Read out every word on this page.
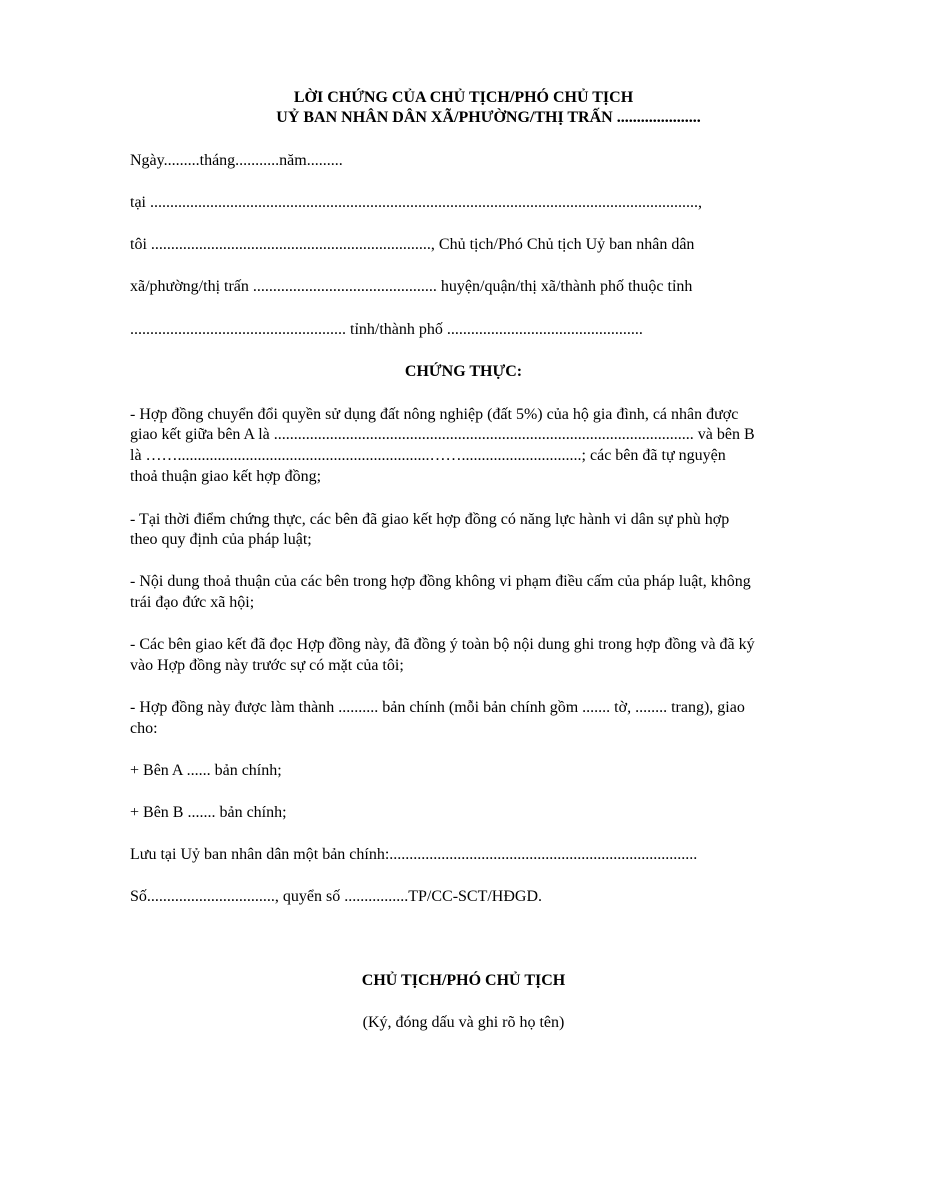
LỜI CHỨNG CỦA CHỦ TỊCH/PHÓ CHỦ TỊCH
UỶ BAN NHÂN DÂN XÃ/PHƯỜNG/THỊ TRẤN .....................
Ngày.........tháng...........năm.........
tại .........................................................................................................................................,
tôi ......................................................................, Chủ tịch/Phó Chủ tịch Uỷ ban nhân dân
xã/phường/thị trấn .............................................. huyện/quận/thị xã/thành phố thuộc tỉnh
...................................................... tỉnh/thành phố .................................................
CHỨNG THỰC:
- Hợp đồng chuyển đổi quyền sử dụng đất nông nghiệp (đất 5%) của hộ gia đình, cá nhân được
giao kết giữa bên A là ......................................................................................................... và bên B
là ……...............................................................……..............................; các bên đã tự nguyện
thoả thuận giao kết hợp đồng;
- Tại thời điểm chứng thực, các bên đã giao kết hợp đồng có năng lực hành vi dân sự phù hợp
theo quy định của pháp luật;
- Nội dung thoả thuận của các bên trong hợp đồng không vi phạm điều cấm của pháp luật, không
trái đạo đức xã hội;
- Các bên giao kết đã đọc Hợp đồng này, đã đồng ý toàn bộ nội dung ghi trong hợp đồng và đã ký
vào Hợp đồng này trước sự có mặt của tôi;
- Hợp đồng này được làm thành .......... bản chính (mỗi bản chính gồm ....... tờ, ........ trang), giao
cho:
+ Bên A ...... bản chính;
+ Bên B ....... bản chính;
Lưu tại Uỷ ban nhân dân một bản chính:.............................................................................
Số................................, quyển số ................TP/CC-SCT/HĐGD.
CHỦ TỊCH/PHÓ CHỦ TỊCH
(Ký, đóng dấu và ghi rõ họ tên)
